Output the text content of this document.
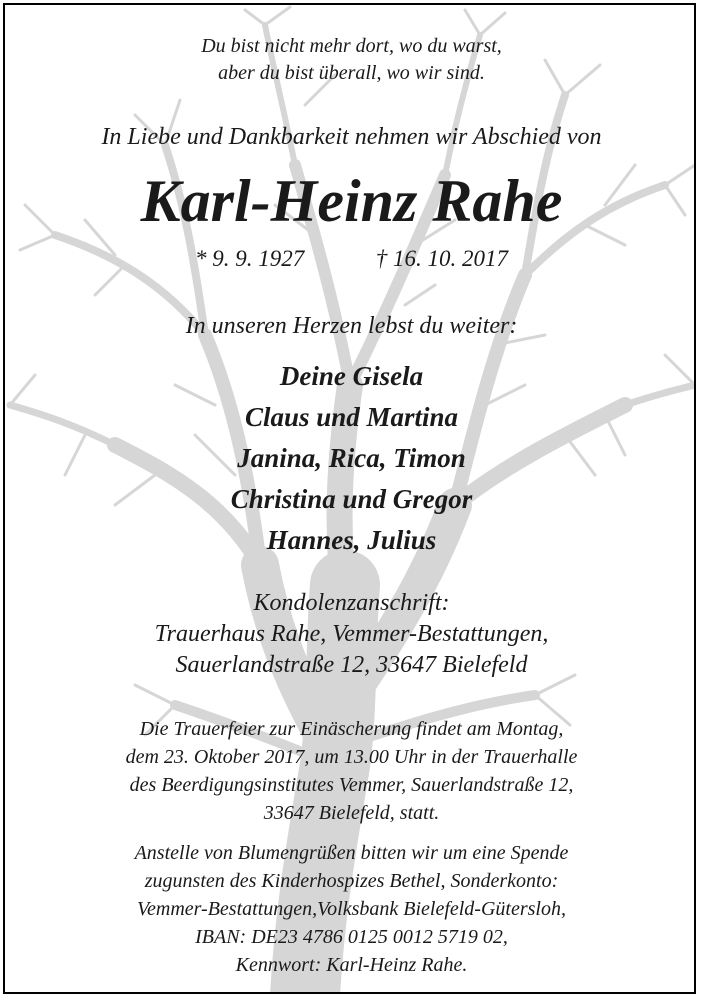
Du bist nicht mehr dort, wo du warst,
aber du bist überall, wo wir sind.
In Liebe und Dankbarkeit nehmen wir Abschied von
Karl-Heinz Rahe
* 9. 9. 1927	† 16. 10. 2017
In unseren Herzen lebst du weiter:
Deine Gisela
Claus und Martina
Janina, Rica, Timon
Christina und Gregor
Hannes, Julius
Kondolenzanschrift:
Trauerhaus Rahe, Vemmer-Bestattungen,
Sauerlandstraße 12, 33647 Bielefeld
Die Trauerfeier zur Einäscherung findet am Montag,
dem 23. Oktober 2017, um 13.00 Uhr in der Trauerhalle
des Beerdigungsinstitutes Vemmer, Sauerlandstraße 12,
33647 Bielefeld, statt.
Anstelle von Blumengrüßen bitten wir um eine Spende
zugunsten des Kinderhospizes Bethel, Sonderkonto:
Vemmer-Bestattungen,Volksbank Bielefeld-Gütersloh,
IBAN: DE23 4786 0125 0012 5719 02,
Kennwort: Karl-Heinz Rahe.
